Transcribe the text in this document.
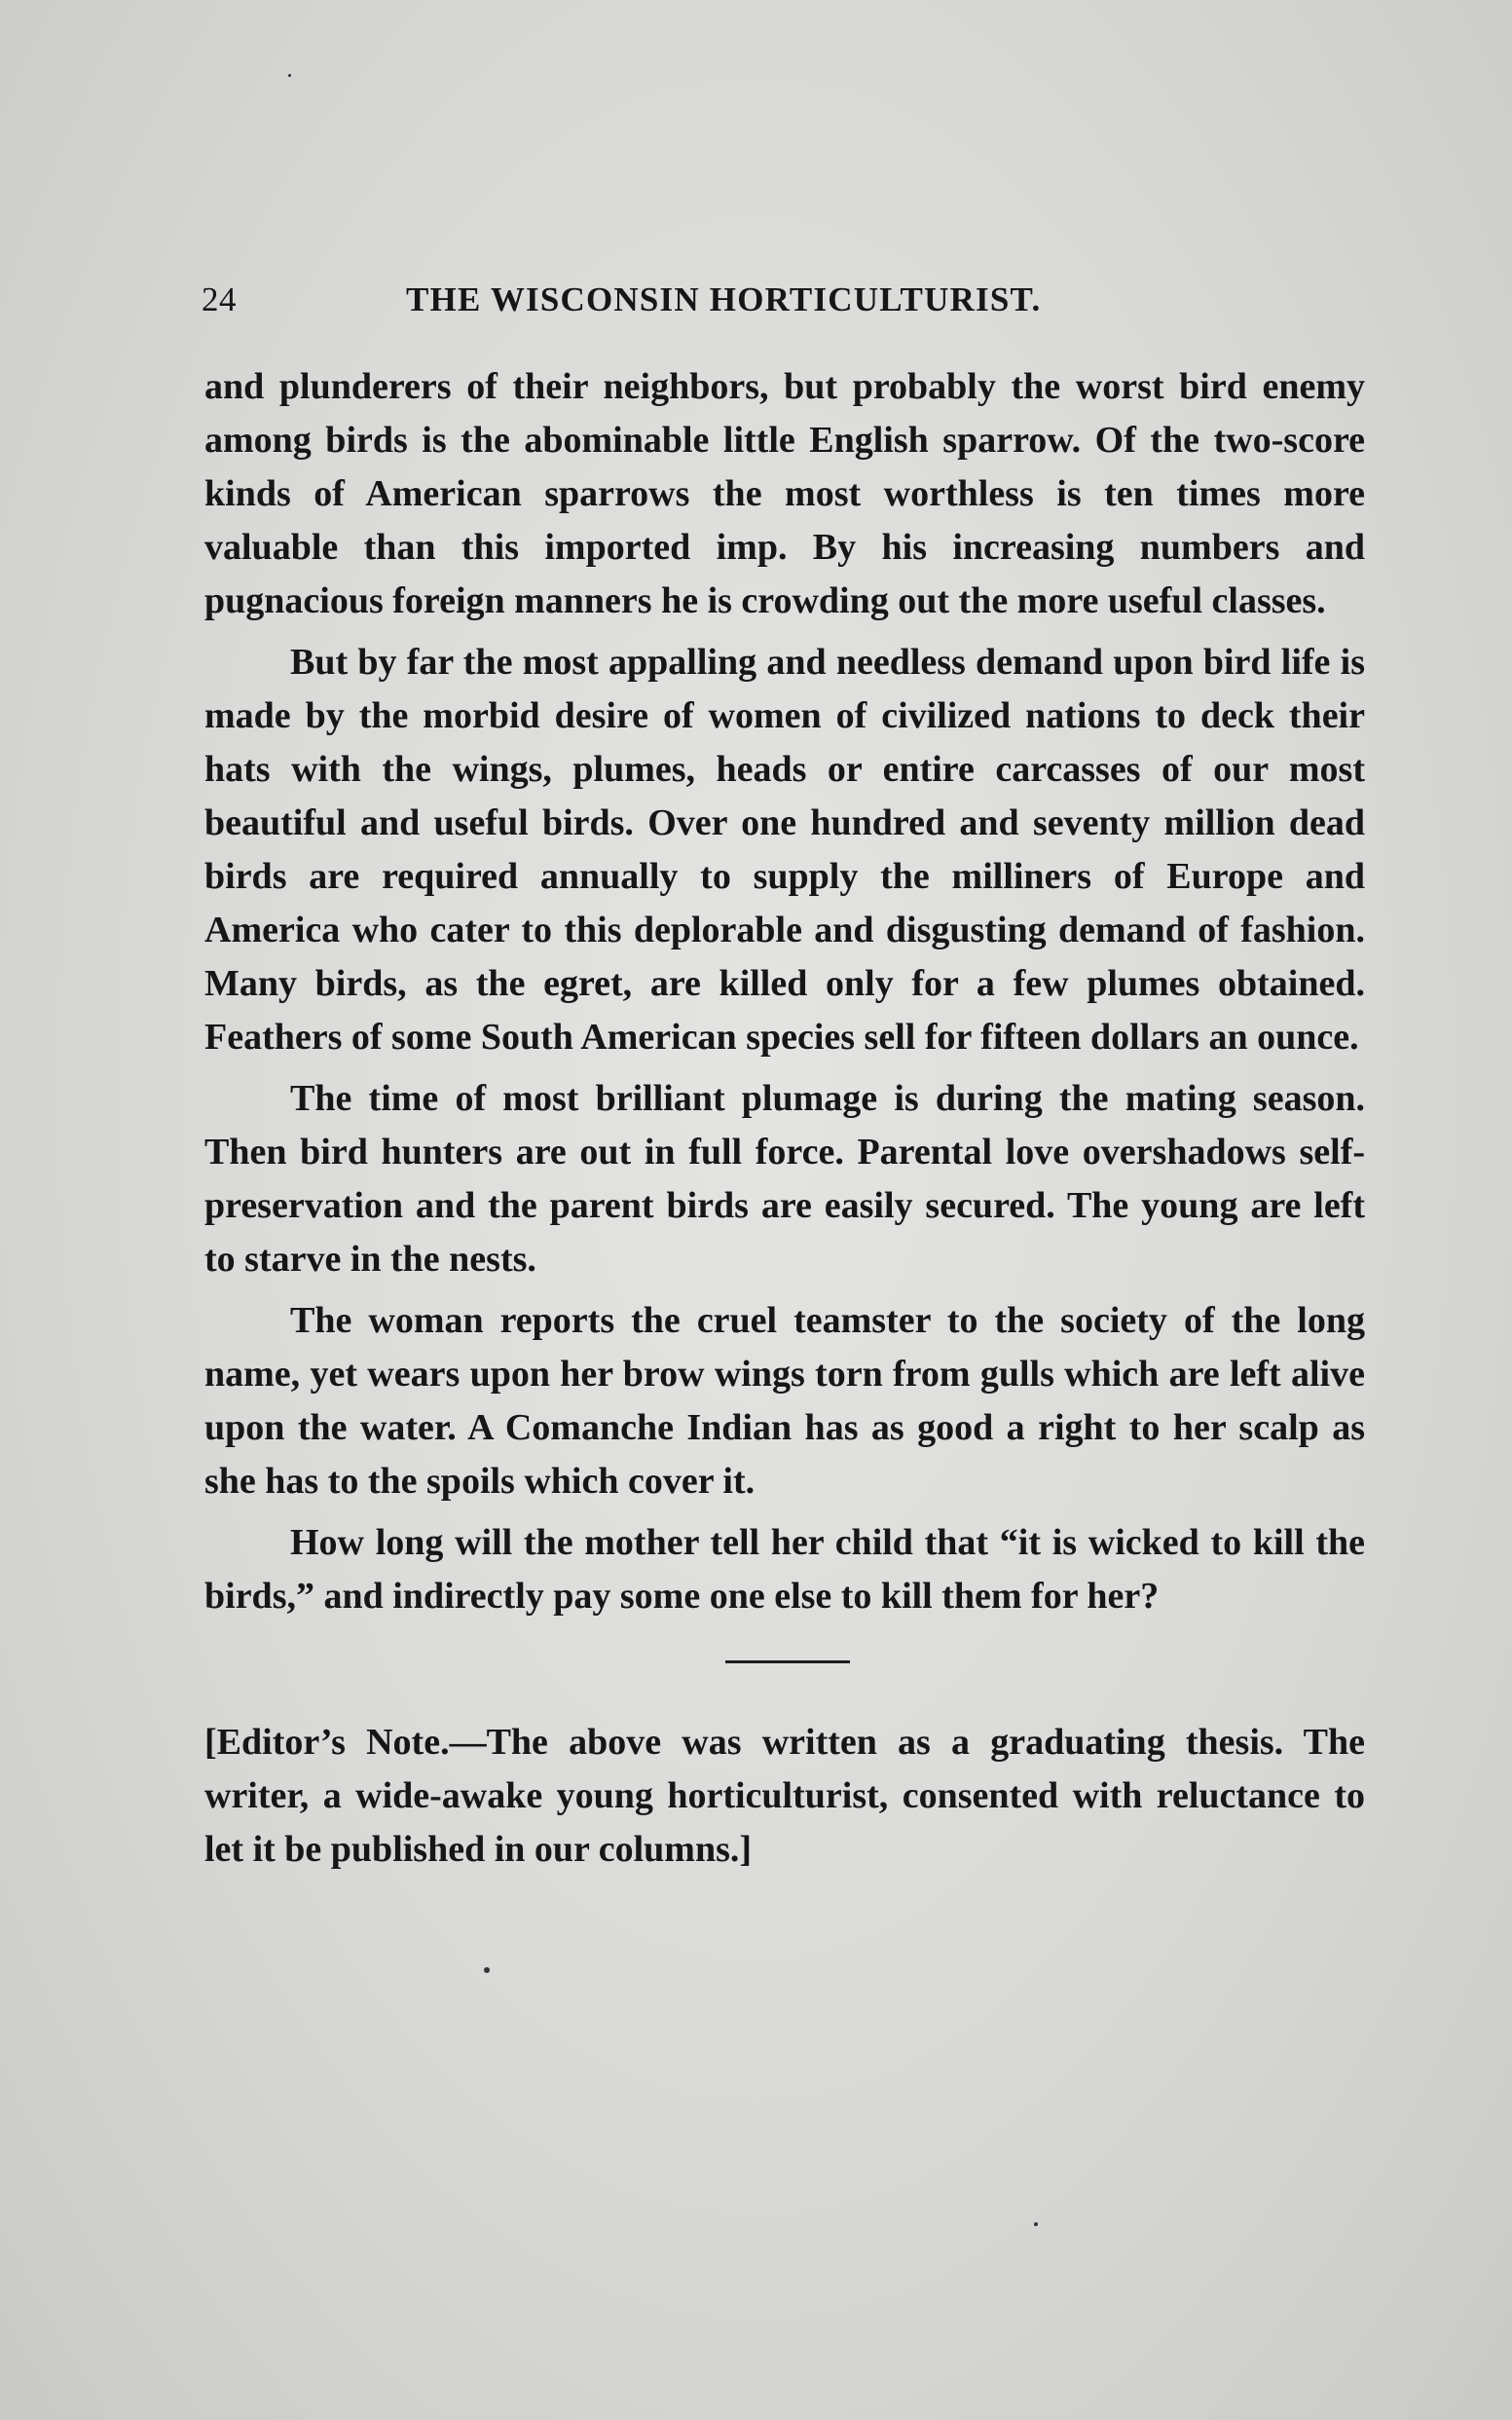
24	THE WISCONSIN HORTICULTURIST.

and plunderers of their neighbors, but probably the worst bird enemy among birds is the abominable little English sparrow. Of the two-score kinds of American sparrows the most worthless is ten times more valuable than this imported imp. By his increasing numbers and pugnacious foreign manners he is crowding out the more useful classes.

But by far the most appalling and needless demand upon bird life is made by the morbid desire of women of civilized nations to deck their hats with the wings, plumes, heads or entire carcasses of our most beautiful and useful birds. Over one hundred and seventy million dead birds are required annually to supply the milliners of Europe and America who cater to this deplorable and disgusting demand of fashion. Many birds, as the egret, are killed only for a few plumes obtained. Feathers of some South American species sell for fifteen dollars an ounce.

The time of most brilliant plumage is during the mating season. Then bird hunters are out in full force. Parental love overshadows self-preservation and the parent birds are easily secured. The young are left to starve in the nests.

The woman reports the cruel teamster to the society of the long name, yet wears upon her brow wings torn from gulls which are left alive upon the water. A Comanche Indian has as good a right to her scalp as she has to the spoils which cover it.

How long will the mother tell her child that “it is wicked to kill the birds,” and indirectly pay some one else to kill them for her?

[Editor’s Note.—The above was written as a graduating thesis. The writer, a wide-awake young horticulturist, consented with reluctance to let it be published in our columns.]
